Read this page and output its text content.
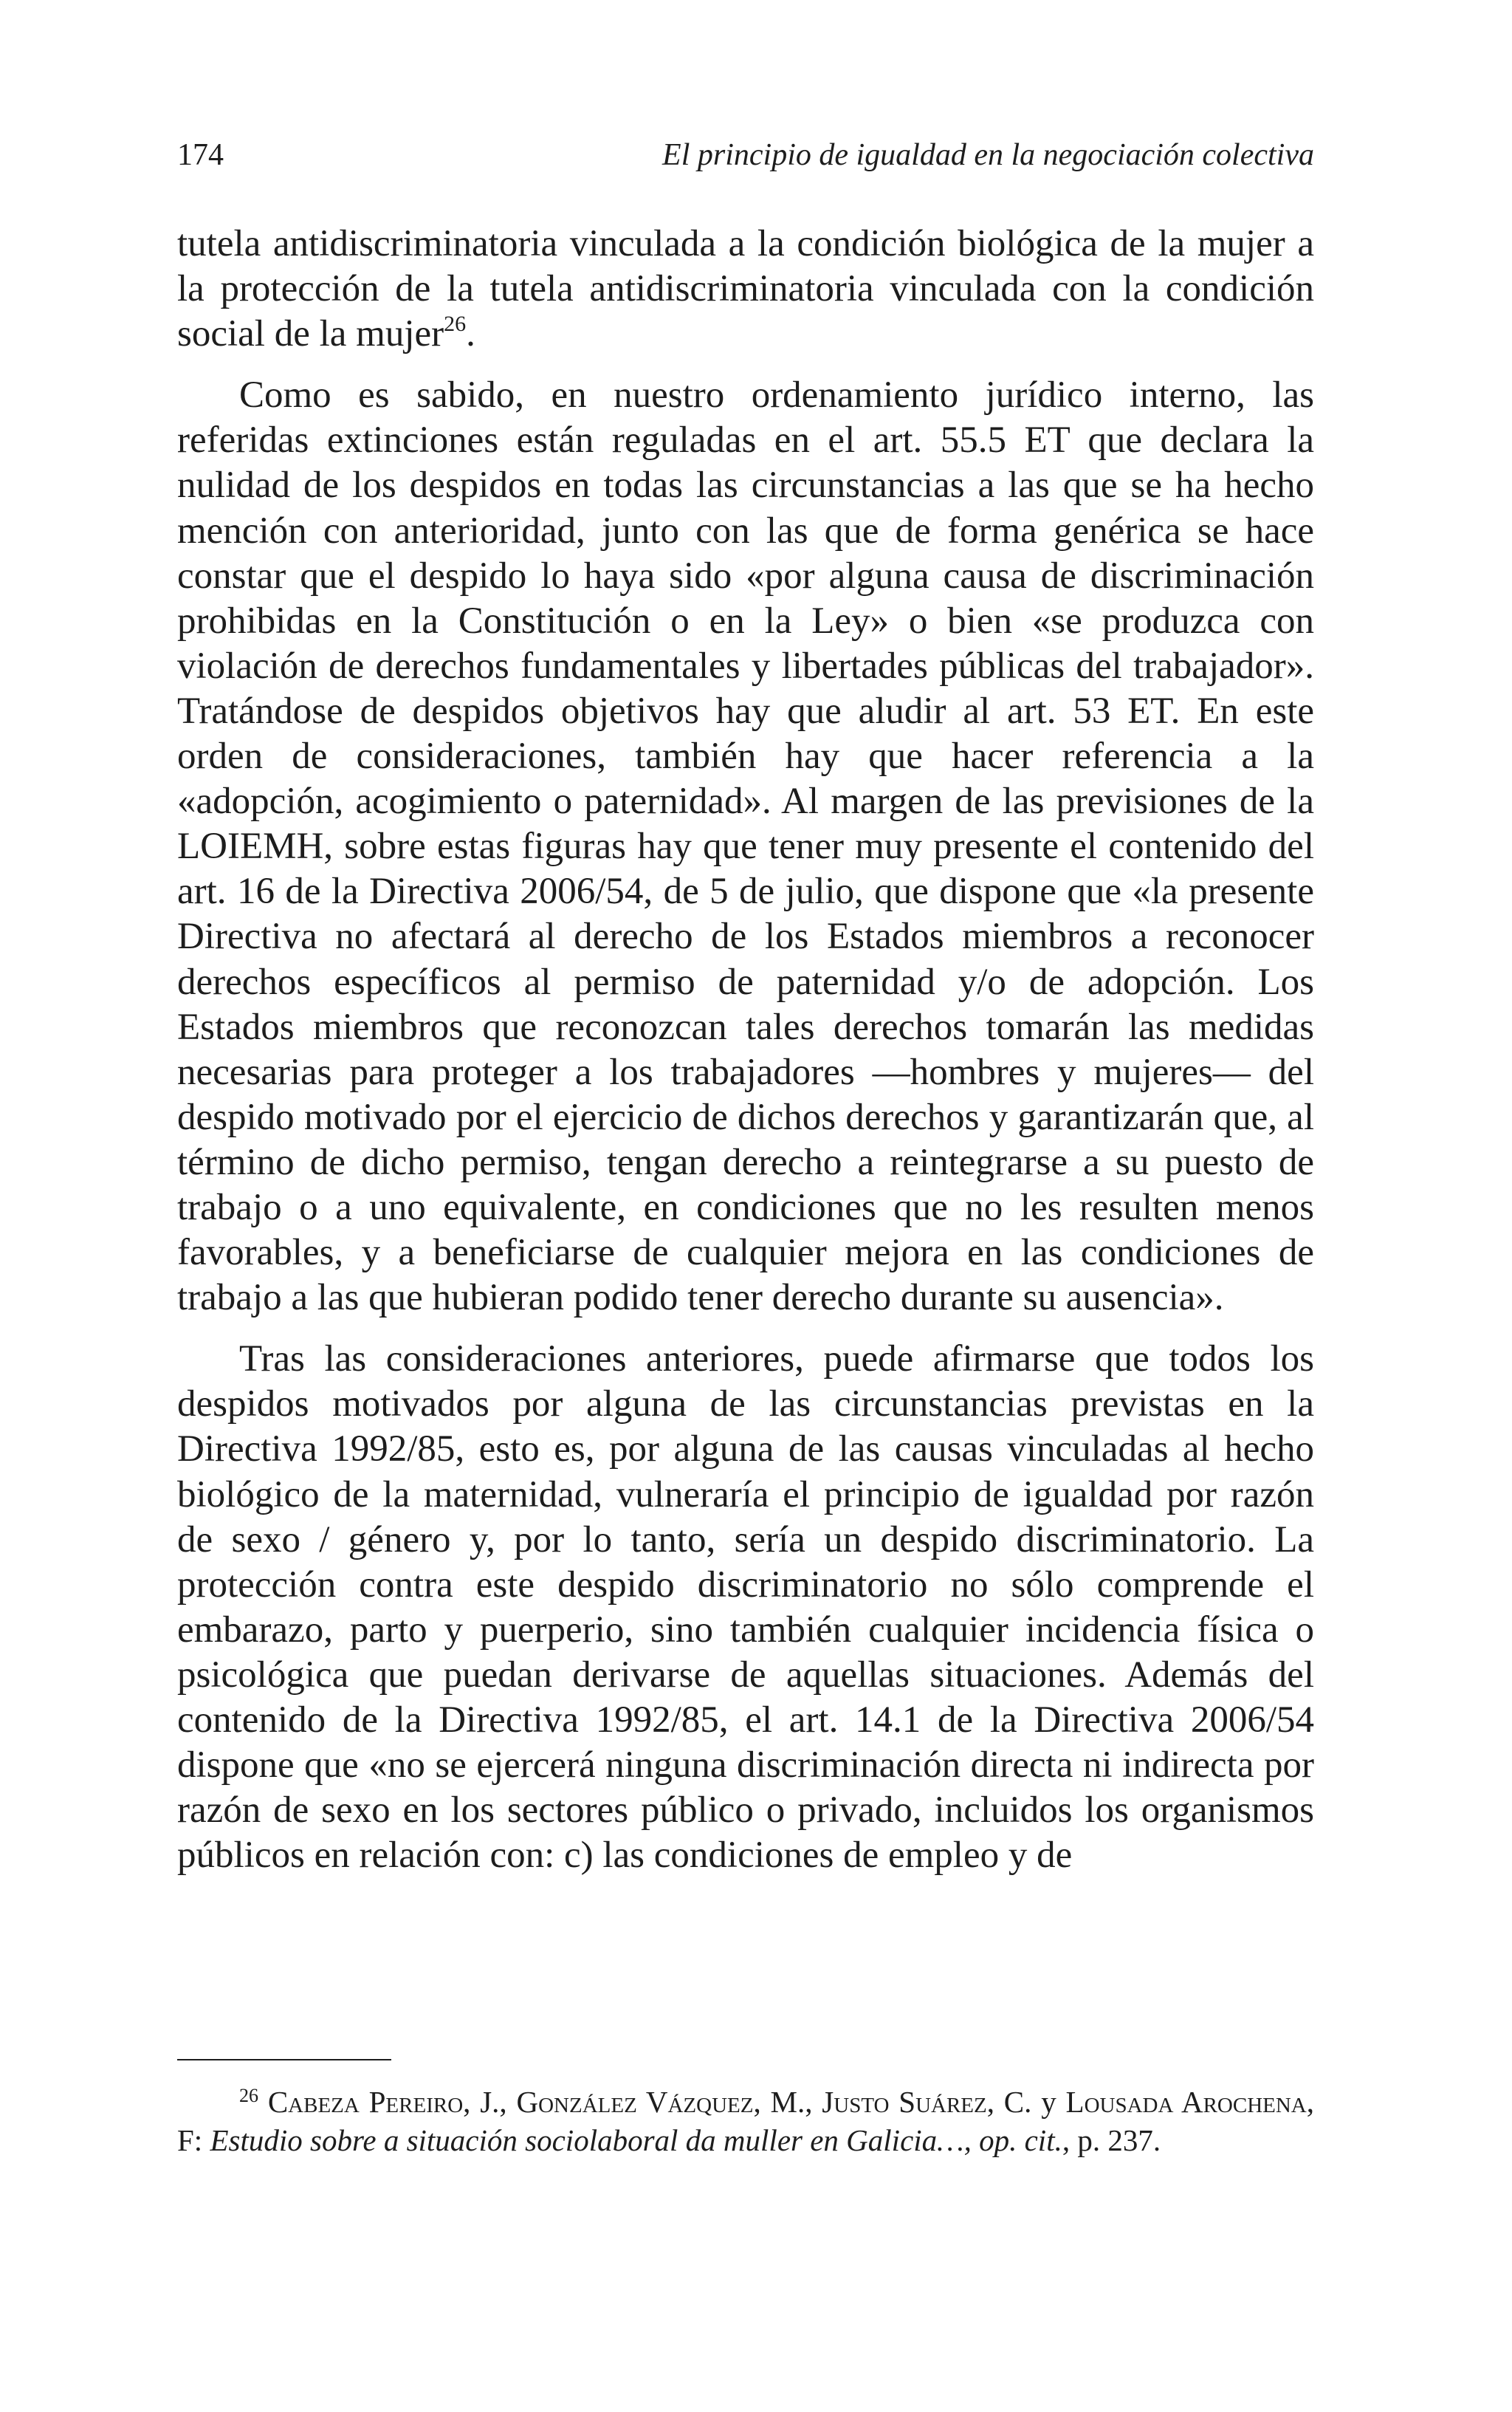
174	El principio de igualdad en la negociación colectiva

tutela antidiscriminatoria vinculada a la condición biológica de la mujer a la protección de la tutela antidiscriminatoria vinculada con la condición social de la mujer$^{26}$.

Como es sabido, en nuestro ordenamiento jurídico interno, las referidas extinciones están reguladas en el art. 55.5 ET que declara la nulidad de los despidos en todas las circunstancias a las que se ha hecho mención con anterioridad, junto con las que de forma genérica se hace constar que el despido lo haya sido «por alguna causa de discriminación prohibidas en la Constitución o en la Ley» o bien «se produzca con violación de derechos fundamentales y libertades públicas del trabajador». Tratándose de despidos objetivos hay que aludir al art. 53 ET. En este orden de consideraciones, también hay que hacer referencia a la «adopción, acogimiento o paternidad». Al margen de las previsiones de la LOIEMH, sobre estas figuras hay que tener muy presente el contenido del art. 16 de la Directiva 2006/54, de 5 de julio, que dispone que «la presente Directiva no afectará al derecho de los Estados miembros a reconocer derechos específicos al permiso de paternidad y/o de adopción. Los Estados miembros que reconozcan tales derechos tomarán las medidas necesarias para proteger a los trabajadores —hombres y mujeres— del despido motivado por el ejercicio de dichos derechos y garantizarán que, al término de dicho permiso, tengan derecho a reintegrarse a su puesto de trabajo o a uno equivalente, en condiciones que no les resulten menos favorables, y a beneficiarse de cualquier mejora en las condiciones de trabajo a las que hubieran podido tener derecho durante su ausencia».

Tras las consideraciones anteriores, puede afirmarse que todos los despidos motivados por alguna de las circunstancias previstas en la Directiva 1992/85, esto es, por alguna de las causas vinculadas al hecho biológico de la maternidad, vulneraría el principio de igualdad por razón de sexo / género y, por lo tanto, sería un despido discriminatorio. La protección contra este despido discriminatorio no sólo comprende el embarazo, parto y puerperio, sino también cualquier incidencia física o psicológica que puedan derivarse de aquellas situaciones. Además del contenido de la Directiva 1992/85, el art. 14.1 de la Directiva 2006/54 dispone que «no se ejercerá ninguna discriminación directa ni indirecta por razón de sexo en los sectores público o privado, incluidos los organismos públicos en relación con: c) las condiciones de empleo y de

$^{26}$ Cabeza Pereiro, J., González Vázquez, M., Justo Suárez, C. y Lousada Arochena, F: Estudio sobre a situación sociolaboral da muller en Galicia…, op. cit., p. 237.
